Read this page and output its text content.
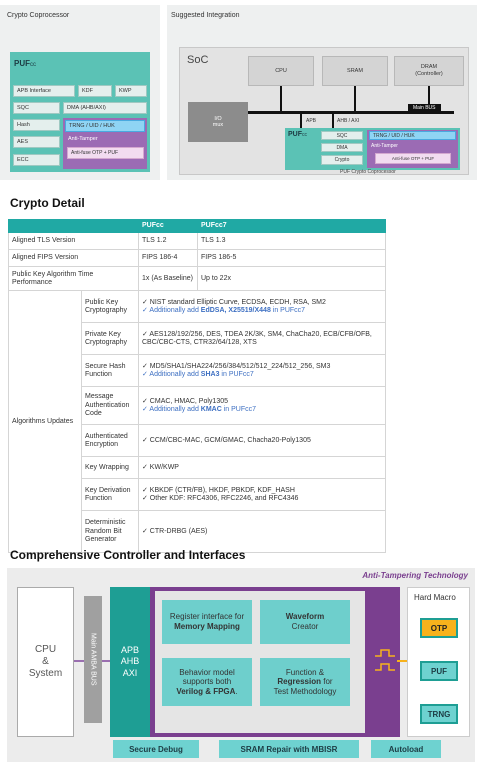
Crypto Coprocessor
PUFcc
APB Interface	KDF	KWP
SQC	DMA (AHB/AXI)
Hash	TRNG / UID / HUK
Anti-Tamper
AES
Anti-fuse OTP + PUF
ECC
Suggested Integration
SoC
CPU	SRAM
DRAM
(Controller)
I/O
mux
Main BUS
APB	AHB / AXI
PUFcc	SQC
DMA
Crypto
TRNG / UID / HUK
Anti-Tamper
Anti-fuse OTP + PUF
PUF Crypto Coprocessor
Crypto Detail
		PUFcc	PUFcc7
Aligned TLS Version		TLS 1.2	TLS 1.3
Aligned FIPS Version		FIPS 186-4	FIPS 186-5
Public Key Algorithm Time Performance		1x (As Baseline)	Up to 22x
Algorithms Updates	Public Key Cryptography	✓ NIST standard Elliptic Curve, ECDSA, ECDH, RSA, SM2
✓ Additionally add EdDSA, X25519/X448 in PUFcc7	

	Private Key Cryptography	✓ AES128/192/256, DES, TDEA 2K/3K, SM4, ChaCha20, ECB/CFB/OFB, CBC/CBC-CTS, CTR32/64/128, XTS	

	Secure Hash Function	✓ MD5/SHA1/SHA224/256/384/512/512_224/512_256, SM3
✓ Additionally add SHA3 in PUFcc7	

	Message Authentication Code	✓ CMAC, HMAC, Poly1305
✓ Additionally add KMAC in PUFcc7	

	Authenticated Encryption	✓ CCM/CBC-MAC, GCM/GMAC, Chacha20-Poly1305	

	Key Wrapping	✓ KW/KWP	

	Key Derivation Function	✓ KBKDF (CTR/FB), HKDF, PBKDF, KDF_HASH
✓ Other KDF: RFC4306, RFC2246, and RFC4346	

	Deterministic Random Bit Generator	✓ CTR-DRBG (AES)	
Comprehensive Controller and Interfaces
Anti-Tampering Technology
CPU
&
System	Main AMBA BUS	APB
AHB
AXI
Register interface for
Memory Mapping
Waveform
Creator
Behavior model
supports both
Verilog & FPGA.
Function &
Regression for
Test Methodology
Hard Macro
OTP
PUF
TRNG
Secure Debug	SRAM Repair with MBISR	Autoload
